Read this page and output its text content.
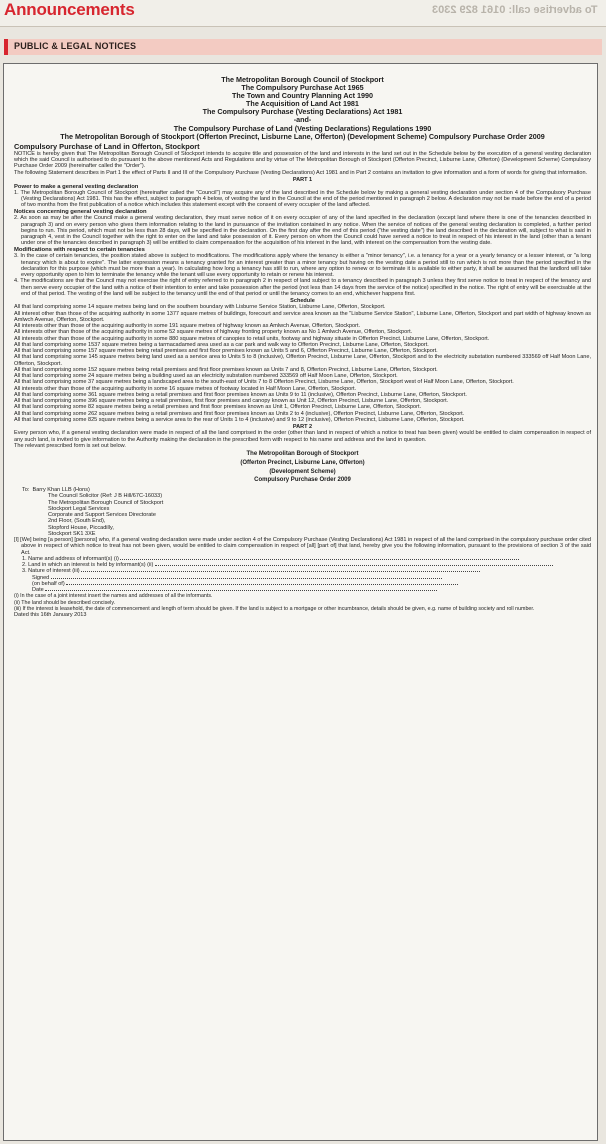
Announcements	To advertise call: 0161 829 2303
PUBLIC & LEGAL NOTICES
The Metropolitan Borough Council of Stockport
The Compulsory Purchase Act 1965
The Town and Country Planning Act 1990
The Acquisition of Land Act 1981
The Compulsory Purchase (Vesting Declarations) Act 1981
-and-
The Compulsory Purchase of Land (Vesting Declarations) Regulations 1990
The Metropolitan Borough of Stockport (Offerton Precinct, Lisburne Lane, Offerton) (Development Scheme) Compulsory Purchase Order 2009

Compulsory Purchase of Land in Offerton, Stockport

NOTICE is hereby given that The Metropolitan Borough Council of Stockport intends to acquire title and possession of the land and interests in the land set out in the Schedule below by the execution of a general vesting declaration which the said Council is authorised to do pursuant to the above mentioned Acts and Regulations and by virtue of The Metropolitan Borough of Stockport (Offerton Precinct, Lisburne Lane, Offerton) (Development Scheme) Compulsory Purchase Order 2009 (hereinafter called the "Order").

The following Statement describes in Part 1 the effect of Parts II and III of the Compulsory Purchase (Vesting Declarations) Act 1981 and in Part 2 contains an invitation to give information and a form of words for giving that information.

PART 1

Power to make a general vesting declaration

1. The Metropolitan Borough Council of Stockport (hereinafter called the "Council") may acquire any of the land described in the Schedule below by making a general vesting declaration under section 4 of the Compulsory Purchase (Vesting Declarations) Act 1981. This has the effect, subject to paragraph 4 below, of vesting the land in the Council at the end of the period mentioned in paragraph 2 below. A declaration may not be made before the end of a period of two months from the first publication of a notice which includes this statement except with the consent of every occupier of the land affected.

Notices concerning general vesting declaration

2. As soon as may be after the Council make a general vesting declaration, they must serve notice of it on every occupier of any of the land specified in the declaration (except land where there is one of the tenancies described in paragraph 3) and on every person who gives them information relating to the land in pursuance of the invitation contained in any notice. When the service of notices of the general vesting declaration is completed, a further period begins to run. This period, which must not be less than 28 days, will be specified in the declaration. On the first day after the end of this period ("the vesting date") the land described in the declaration will, subject to what is said in paragraph 4, vest in the Council together with the right to enter on the land and take possession of it. Every person on whom the Council could have served a notice to treat in respect of his interest in the land (other than a tenant under one of the tenancies described in paragraph 3) will be entitled to claim compensation for the acquisition of his interest in the land, with interest on the compensation from the vesting date.

Modifications with respect to certain tenancies

3. In the case of certain tenancies, the position stated above is subject to modifications. The modifications apply where the tenancy is either a "minor tenancy", i.e. a tenancy for a year or a yearly tenancy or a lesser interest, or "a long tenancy which is about to expire". The latter expression means a tenancy granted for an interest greater than a minor tenancy but having on the vesting date a period still to run which is not more than the period specified in the declaration for this purpose (which must be more than a year). In calculating how long a tenancy has still to run, where any option to renew or to terminate it is available to either party, it shall be assumed that the landlord will take every opportunity open to him to terminate the tenancy while the tenant will use every opportunity to retain or renew his interest.

4. The modifications are that the Council may not exercise the right of entry referred to in paragraph 2 in respect of land subject to a tenancy described in paragraph 3 unless they first serve notice to treat in respect of the tenancy and then serve every occupier of the land with a notice of their intention to enter and take possession after the period (not less than 14 days from the service of the notice) specified in the notice. The right of entry will be exercisable at the end of that period. The vesting of the land will be subject to the tenancy until the end of that period or until the tenancy comes to an end, whichever happens first.

Schedule

All that land comprising some 14 square metres being land on the southern boundary with Lisburne Service Station, Lisburne Lane, Offerton, Stockport.

All interest other than those of the acquiring authority in some 1377 square metres of buildings, forecourt and service area known as the "Lisburne Service Station", Lisburne Lane, Offerton, Stockport and part width of highway known as Amlwch Avenue, Offerton, Stockport.

All interests other than those of the acquiring authority in some 191 square metres of highway known as Amlwch Avenue, Offerton, Stockport.

All interests other than those of the acquiring authority in some 52 square metres of highway fronting property known as No 1 Amlwch Avenue, Offerton, Stockport.

All interests other than those of the acquiring authority in some 880 square metres of canopies to retail units, footway and highway situate in Offerton Precinct, Lisburne Lane, Offerton, Stockport.

All that land comprising some 1537 square metres being a tarmacadamed area used as a car park and walk way to Offerton Precinct, Lisburne Lane, Offerton, Stockport.

All that land comprising some 157 square metres being retail premises and first floor premises known as Units 5 and 6, Offerton Precinct, Lisburne Lane, Offerton, Stockport.

All that land comprising some 145 square metres being land used as a service area to Units 5 to 8 (inclusive), Offerton Precinct, Lisburne Lane, Offerton, Stockport and to the electricity substation numbered 333569 off Half Moon Lane, Offerton, Stockport.

All that land comprising some 152 square metres being retail premises and first floor premises known as Units 7 and 8, Offerton Precinct, Lisburne Lane, Offerton, Stockport.

All that land comprising some 24 square metres being a building used as an electricity substation numbered 333569 off Half Moon Lane, Offerton, Stockport.

All that land comprising some 37 square metres being a landscaped area to the south-east of Units 7 to 8 Offerton Precinct, Lisburne Lane, Offerton, Stockport west of Half Moon Lane, Offerton, Stockport.

All interests other than those of the acquiring authority in some 16 square metres of footway located in Half Moon Lane, Offerton, Stockport.

All that land comprising some 361 square metres being a retail premises and first floor premises known as Units 9 to 11 (inclusive), Offerton Precinct, Lisburne Lane, Offerton, Stockport.

All that land comprising some 396 square metres being a retail premises, first floor premises and canopy known as Unit 12, Offerton Precinct, Lisburne Lane, Offerton, Stockport.

All that land comprising some 82 square metres being a retail premises and first floor premises known as Unit 1, Offerton Precinct, Lisburne Lane, Offerton, Stockport.

All that land comprising some 262 square metres being a retail premises and first floor premises known as Units 2 to 4 (inclusive), Offerton Precinct, Lisburne Lane, Offerton, Stockport.

All that land comprising some 825 square metres being a service area to the rear of Units 1 to 4 (inclusive) and 9 to 12 (inclusive), Offerton Precinct, Lisburne Lane, Offerton, Stockport.

PART 2

Every person who, if a general vesting declaration were made in respect of all the land comprised in the order (other than land in respect of which a notice to treat has been given) would be entitled to claim compensation in respect of any such land, is invited to give information to the Authority making the declaration in the prescribed form with respect to his name and address and the land in question.

The relevant prescribed form is set out below.

The Metropolitan Borough of Stockport
(Offerton Precinct, Lisburne Lane, Offerton)
(Development Scheme)
Compulsory Purchase Order 2009
To: Barry Khan LLB (Hons)
The Council Solicitor (Ref: J B Hill/67C-16033)
The Metropolitan Borough Council of Stockport
Stockport Legal Services
Corporate and Support Services Directorate
2nd Floor, (South End),
Stopford House, Piccadilly,
Stockport SK1 3XE

[I] [We] being [a person] [persons] who, if a general vesting declaration were made under section 4 of the Compulsory Purchase (Vesting Declarations) Act 1981 in respect of all the land comprised in the compulsory purchase order cited above in respect of which notice to treat has not been given, would be entitled to claim compensation in respect of [all] [part of] that land, hereby give you the following information, pursuant to the provisions of section 3 of the said Act.

1. Name and address of informant(s) (i)
2. Land in which an interest is held by informant(s) (ii)
3. Nature of interest (iii)
Signed
(on behalf of)
Date

(i) In the case of a joint interest insert the names and addresses of all the informants.

(ii) The land should be described concisely.

(iii) If the interest is leasehold, the date of commencement and length of term should be given. If the land is subject to a mortgage or other incumbrance, details should be given, e.g. name of building society and roll number.

Dated this 16th January 2013
